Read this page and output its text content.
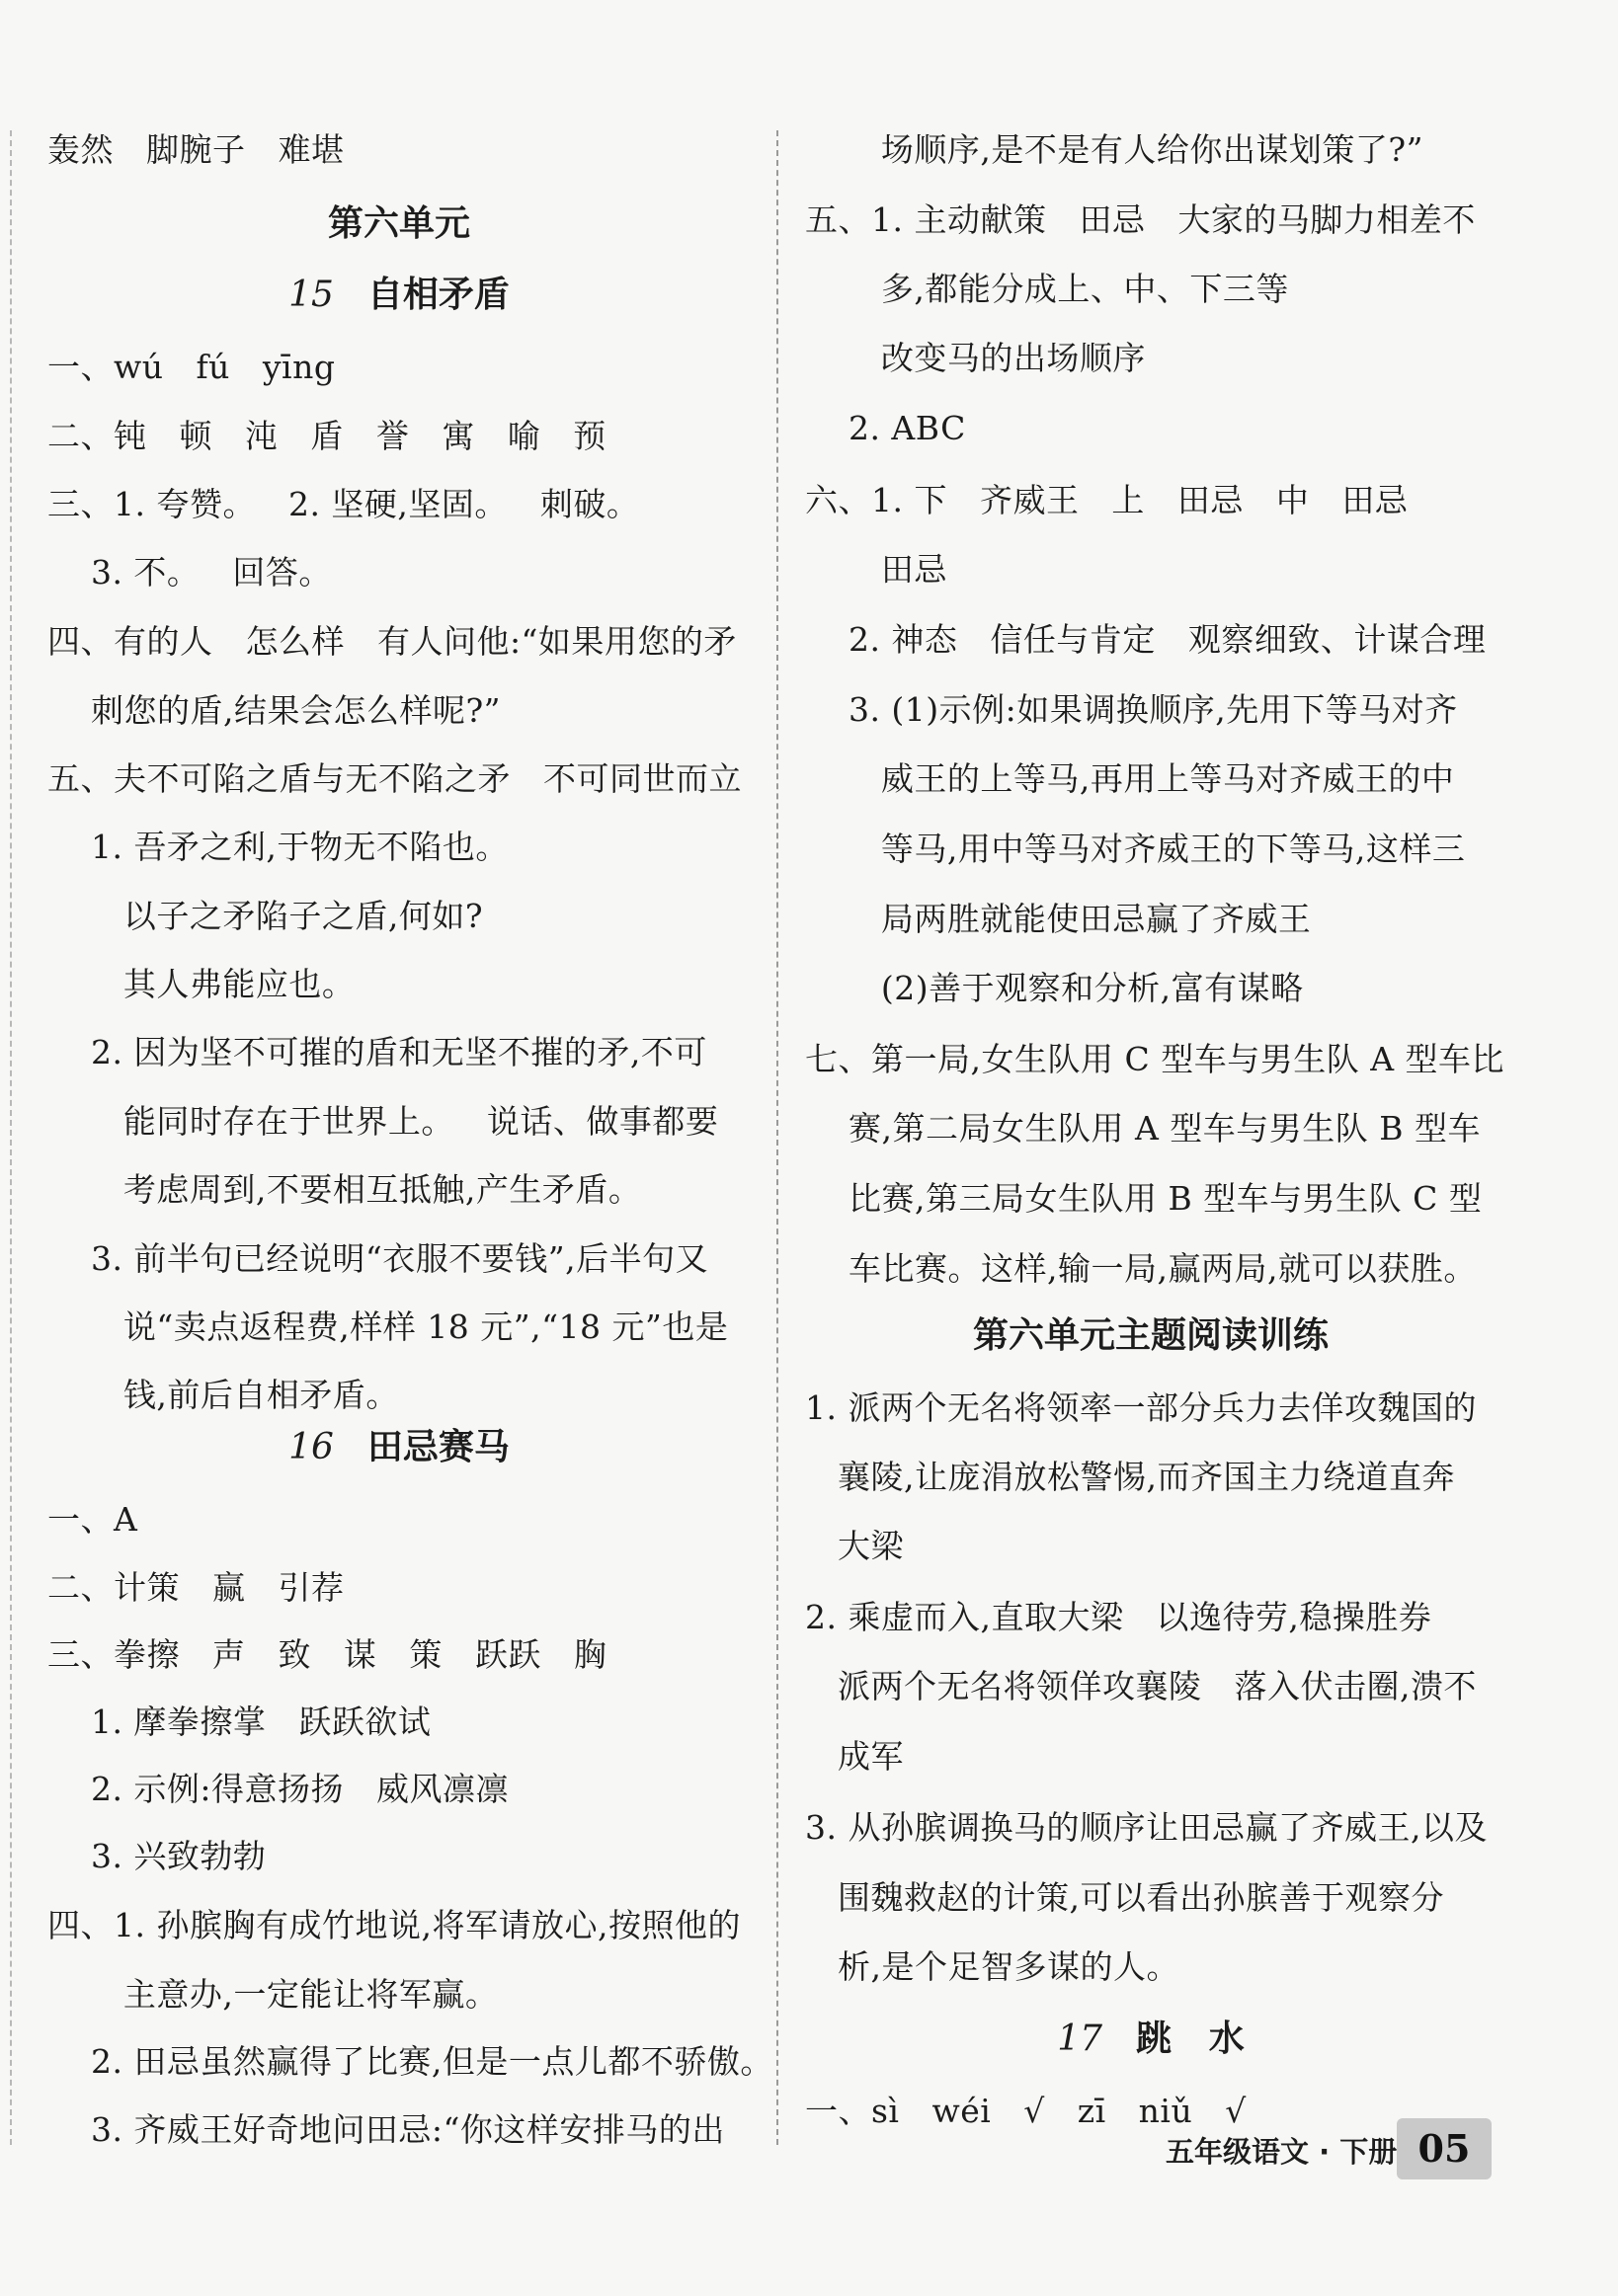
轰然   脚腕子   难堪
第六单元
15 自相矛盾
一、wú   fú   yīng
二、钝   顿   沌   盾   誉   寓   喻   预
三、1. 夸赞。   2. 坚硬,坚固。   刺破。
3. 不。   回答。
四、有的人   怎么样   有人问他:“如果用您的矛
刺您的盾,结果会怎么样呢?”
五、夫不可陷之盾与无不陷之矛   不可同世而立
1. 吾矛之利,于物无不陷也。
以子之矛陷子之盾,何如?
其人弗能应也。
2. 因为坚不可摧的盾和无坚不摧的矛,不可
能同时存在于世界上。   说话、做事都要
考虑周到,不要相互抵触,产生矛盾。
3. 前半句已经说明“衣服不要钱”,后半句又
说“卖点返程费,样样 18 元”,“18 元”也是
钱,前后自相矛盾。
16 田忌赛马
一、A
二、计策   赢   引荐
三、拳擦   声   致   谋   策   跃跃   胸
1. 摩拳擦掌   跃跃欲试
2. 示例:得意扬扬   威风凛凛
3. 兴致勃勃
四、1. 孙膑胸有成竹地说,将军请放心,按照他的
主意办,一定能让将军赢。
2. 田忌虽然赢得了比赛,但是一点儿都不骄傲。
3. 齐威王好奇地问田忌:“你这样安排马的出
场顺序,是不是有人给你出谋划策了?”
五、1. 主动献策   田忌   大家的马脚力相差不
多,都能分成上、中、下三等
改变马的出场顺序
2. ABC
六、1. 下   齐威王   上   田忌   中   田忌
田忌
2. 神态   信任与肯定   观察细致、计谋合理
3. (1)示例:如果调换顺序,先用下等马对齐
威王的上等马,再用上等马对齐威王的中
等马,用中等马对齐威王的下等马,这样三
局两胜就能使田忌赢了齐威王
(2)善于观察和分析,富有谋略
七、第一局,女生队用 C 型车与男生队 A 型车比
赛,第二局女生队用 A 型车与男生队 B 型车
比赛,第三局女生队用 B 型车与男生队 C 型
车比赛。这样,输一局,赢两局,就可以获胜。
第六单元主题阅读训练
1. 派两个无名将领率一部分兵力去佯攻魏国的
襄陵,让庞涓放松警惕,而齐国主力绕道直奔
大梁
2. 乘虚而入,直取大梁   以逸待劳,稳操胜券
派两个无名将领佯攻襄陵   落入伏击圈,溃不
成军
3. 从孙膑调换马的顺序让田忌赢了齐威王,以及
围魏救赵的计策,可以看出孙膑善于观察分
析,是个足智多谋的人。
17 跳   水
一、sì   wéi   √   zī   niǔ   √
五年级语文 · 下册 05
